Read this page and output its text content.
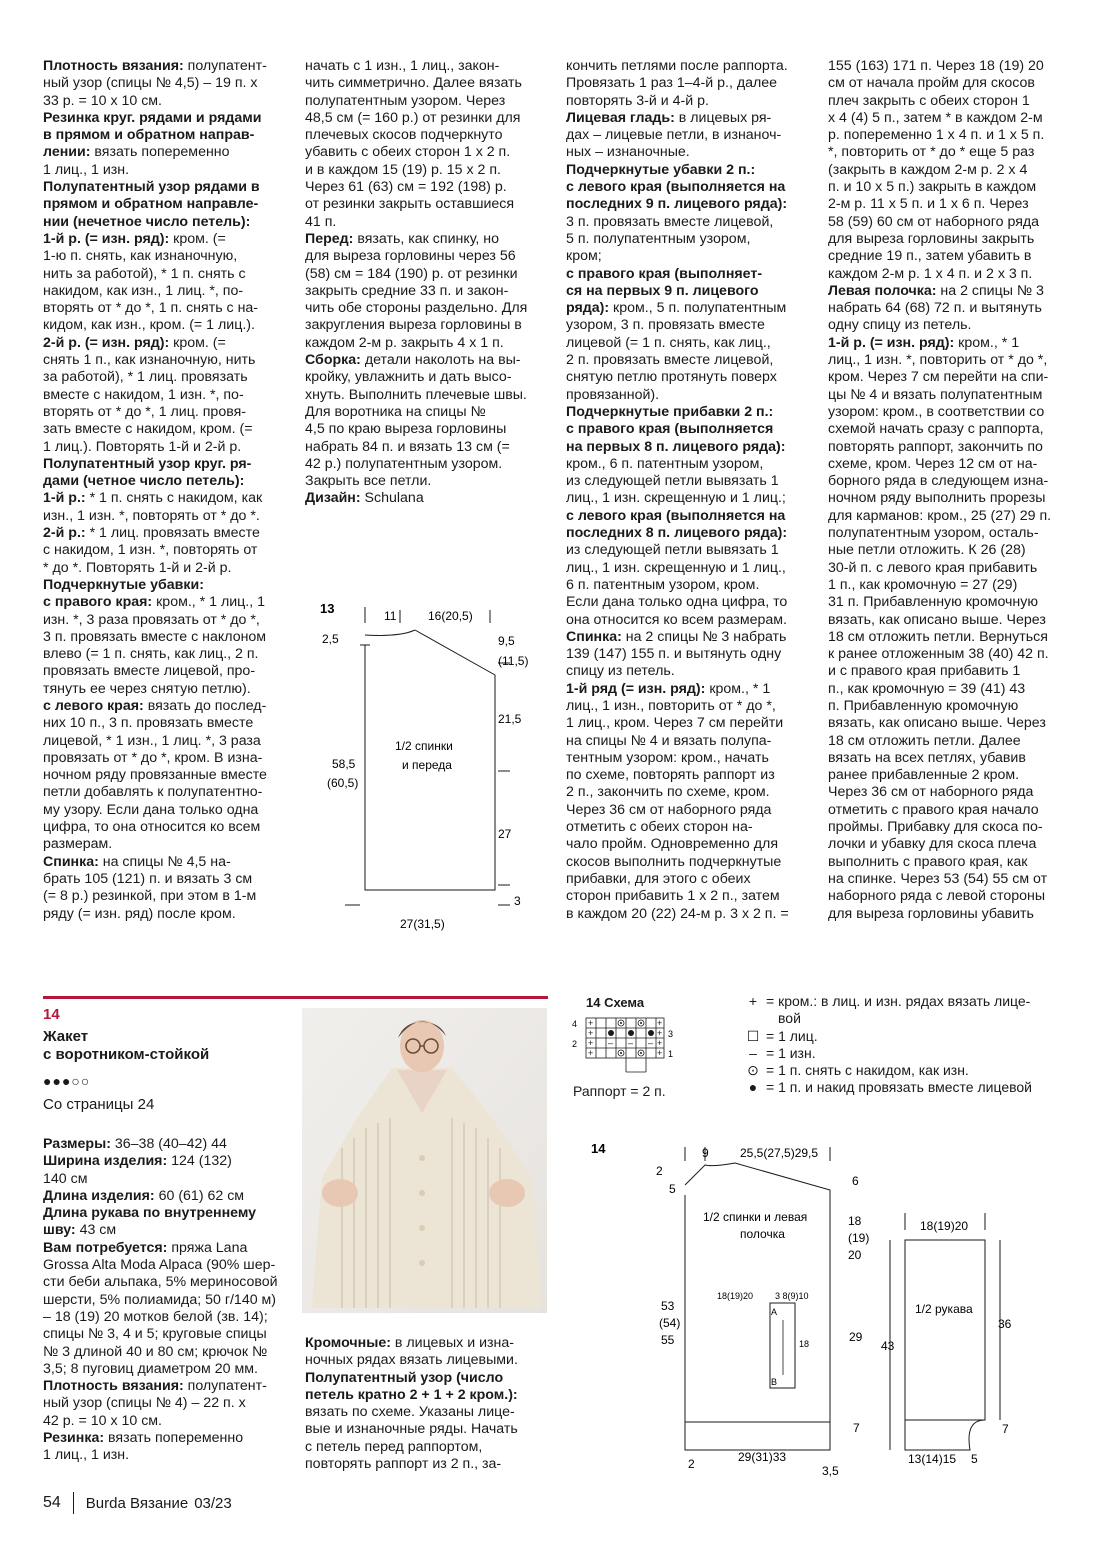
Плотность вязания: полупатент-

ный узор (спицы № 4,5) – 19 п. х

33 р. = 10 х 10 см.

Резинка круг. рядами и рядами

в прямом и обратном направ-

лении: вязать попеременно

1 лиц., 1 изн.

Полупатентный узор рядами в

прямом и обратном направле-

нии (нечетное число петель):

1-й р. (= изн. ряд): кром. (=

1-ю п. снять, как изнаночную,

нить за работой), * 1 п. снять с

накидом, как изн., 1 лиц. *, по-

вторять от * до *, 1 п. снять с на-

кидом, как изн., кром. (= 1 лиц.).

2-й р. (= изн. ряд): кром. (=

снять 1 п., как изнаночную, нить

за работой), * 1 лиц. провязать

вместе с накидом, 1 изн. *, по-

вторять от * до *, 1 лиц. провя-

зать вместе с накидом, кром. (=

1 лиц.). Повторять 1-й и 2-й р.

Полупатентный узор круг. ря-

дами (четное число петель):

1-й р.: * 1 п. снять с накидом, как

изн., 1 изн. *, повторять от * до *.

2-й р.: * 1 лиц. провязать вместе

с накидом, 1 изн. *, повторять от

* до *. Повторять 1-й и 2-й р.

Подчеркнутые убавки:

с правого края: кром., * 1 лиц., 1

изн. *, 3 раза провязать от * до *,

3 п. провязать вместе с наклоном

влево (= 1 п. снять, как лиц., 2 п.

провязать вместе лицевой, про-

тянуть ее через снятую петлю).

с левого края: вязать до послед-

них 10 п., 3 п. провязать вместе

лицевой, * 1 изн., 1 лиц. *, 3 раза

провязать от * до *, кром. В изна-

ночном ряду провязанные вместе

петли добавлять к полупатентно-

му узору. Если дана только одна

цифра, то она относится ко всем

размерам.

Спинка: на спицы № 4,5 на-

брать 105 (121) п. и вязать 3 см

(= 8 р.) резинкой, при этом в 1-м

ряду (= изн. ряд) после кром.

начать с 1 изн., 1 лиц., закон-

чить симметрично. Далее вязать

полупатентным узором. Через

48,5 см (= 160 р.) от резинки для

плечевых скосов подчеркнуто

убавить с обеих сторон 1 х 2 п.

и в каждом 15 (19) р. 15 х 2 п.

Через 61 (63) см = 192 (198) р.

от резинки закрыть оставшиеся

41 п.

Перед: вязать, как спинку, но

для выреза горловины через 56

(58) см = 184 (190) р. от резинки

закрыть средние 33 п. и закон-

чить обе стороны раздельно. Для

закругления выреза горловины в

каждом 2-м р. закрыть 4 х 1 п.

Сборка: детали наколоть на вы-

кройку, увлажнить и дать высо-

хнуть. Выполнить плечевые швы.

Для воротника на спицы №

4,5 по краю выреза горловины

набрать 84 п. и вязать 13 см (=

42 р.) полупатентным узором.

Закрыть все петли.

Дизайн: Schulana

кончить петлями после раппорта.

Провязать 1 раз 1–4-й р., далее

повторять 3-й и 4-й р.

Лицевая гладь: в лицевых ря-

дах – лицевые петли, в изнаноч-

ных – изнаночные.

Подчеркнутые убавки 2 п.:

с левого края (выполняется на

последних 9 п. лицевого ряда):

3 п. провязать вместе лицевой,

5 п. полупатентным узором,

кром;

с правого края (выполняет-

ся на первых 9 п. лицевого

ряда): кром., 5 п. полупатентным

узором, 3 п. провязать вместе

лицевой (= 1 п. снять, как лиц.,

2 п. провязать вместе лицевой,

снятую петлю протянуть поверх

провязанной).

Подчеркнутые прибавки 2 п.:

с правого края (выполняется

на первых 8 п. лицевого ряда):

кром., 6 п. патентным узором,

из следующей петли вывязать 1

лиц., 1 изн. скрещенную и 1 лиц.;

с левого края (выполняется на

последних 8 п. лицевого ряда):

из следующей петли вывязать 1

лиц., 1 изн. скрещенную и 1 лиц.,

6 п. патентным узором, кром.

Если дана только одна цифра, то

она относится ко всем размерам.

Спинка: на 2 спицы № 3 набрать

139 (147) 155 п. и вытянуть одну

спицу из петель.

1-й ряд (= изн. ряд): кром., * 1

лиц., 1 изн., повторить от * до *,

1 лиц., кром. Через 7 см перейти

на спицы № 4 и вязать полупа-

тентным узором: кром., начать

по схеме, повторять раппорт из

2 п., закончить по схеме, кром.

Через 36 см от наборного ряда

отметить с обеих сторон на-

чало пройм. Одновременно для

скосов выполнить подчеркнутые

прибавки, для этого с обеих

сторон прибавить 1 х 2 п., затем

в каждом 20 (22) 24-м р. 3 х 2 п. =

155 (163) 171 п. Через 18 (19) 20

см от начала пройм для скосов

плеч закрыть с обеих сторон 1

х 4 (4) 5 п., затем * в каждом 2-м

р. попеременно 1 х 4 п. и 1 х 5 п.

*, повторить от * до * еще 5 раз

(закрыть в каждом 2-м р. 2 х 4

п. и 10 х 5 п.) закрыть в каждом

2-м р. 11 х 5 п. и 1 х 6 п. Через

58 (59) 60 см от наборного ряда

для выреза горловины закрыть

средние 19 п., затем убавить в

каждом 2-м р. 1 х 4 п. и 2 х 3 п.

Левая полочка: на 2 спицы № 3

набрать 64 (68) 72 п. и вытянуть

одну спицу из петель.

1-й р. (= изн. ряд): кром., * 1

лиц., 1 изн. *, повторить от * до *,

кром. Через 7 см перейти на спи-

цы № 4 и вязать полупатентным

узором: кром., в соответствии со

схемой начать сразу с раппорта,

повторять раппорт, закончить по

схеме, кром. Через 12 см от на-

борного ряда в следующем изна-

ночном ряду выполнить прорезы

для карманов: кром., 25 (27) 29 п.

полупатентным узором, осталь-

ные петли отложить. К 26 (28)

30-й п. с левого края прибавить

1 п., как кромочную = 27 (29)

31 п. Прибавленную кромочную

вязать, как описано выше. Через

18 см отложить петли. Вернуться

к ранее отложенным 38 (40) 42 п.

и с правого края прибавить 1

п., как кромочную = 39 (41) 43

п. Прибавленную кромочную

вязать, как описано выше. Через

18 см отложить петли. Далее

вязать на всех петлях, убавив

ранее прибавленные 2 кром.

Через 36 см от наборного ряда

отметить с правого края начало

проймы. Прибавку для скоса по-

лочки и убавку для скоса плеча

выполнить с правого края, как

на спинке. Через 53 (54) 55 см от

наборного ряда с левой стороны

для выреза горловины убавить

Размеры: 36–38 (40–42) 44

Ширина изделия: 124 (132)

140 см

Длина изделия: 60 (61) 62 см

Длина рукава по внутреннему

шву: 43 см

Вам потребуется: пряжа Lana

Grossa Alta Moda Alpaca (90% шер-

сти беби альпака, 5% мериносовой

шерсти, 5% полиамида; 50 г/140 м)

– 18 (19) 20 мотков белой (зв. 14);

спицы № 3, 4 и 5; круговые спицы

№ 3 длиной 40 и 80 см; крючок №

3,5; 8 пуговиц диаметром 20 мм.

Плотность вязания: полупатент-

ный узор (спицы № 4) – 22 п. х

42 р. = 10 х 10 см.

Резинка: вязать попеременно

1 лиц., 1 изн.

Кромочные: в лицевых и изна-

ночных рядах вязать лицевыми.

Полупатентный узор (число

петель кратно 2 + 1 + 2 кром.):

вязать по схеме. Указаны лице-

вые и изнаночные ряды. Начать

с петель перед раппортом,

повторять раппорт из 2 п., за-

13	11	16(20,5)
2,5	9,5
(11,5)
21,5
1/2 спинки
и переда
58,5
(60,5)
27
3
27(31,5)
14
Жакет
с воротником-стойкой
●●●○○
Со страницы 24
14 Схема
+	+
+	+
+	+
+	+
– – –
4
3
2
1
Раппорт = 2 п.
+ = кром.: в лиц. и изн. рядах вязать лице-
вой
☐ = 1 лиц.
– = 1 изн.
⊙ = 1 п. снять с накидом, как изн.
● = 1 п. и накид провязать вместе лицевой
14	9	25,5(27,5)29,5
2
5
6
1/2 спинки и левая
полочка
18
(19)
20
18(19)20 3 8(9)10
A
B
18
53
(54)
55	29
7
29(31)33
2	3,5
18(19)20
1/2 рукава
43
36
7
13(14)15 5
54 Burda Вязание 03/23
